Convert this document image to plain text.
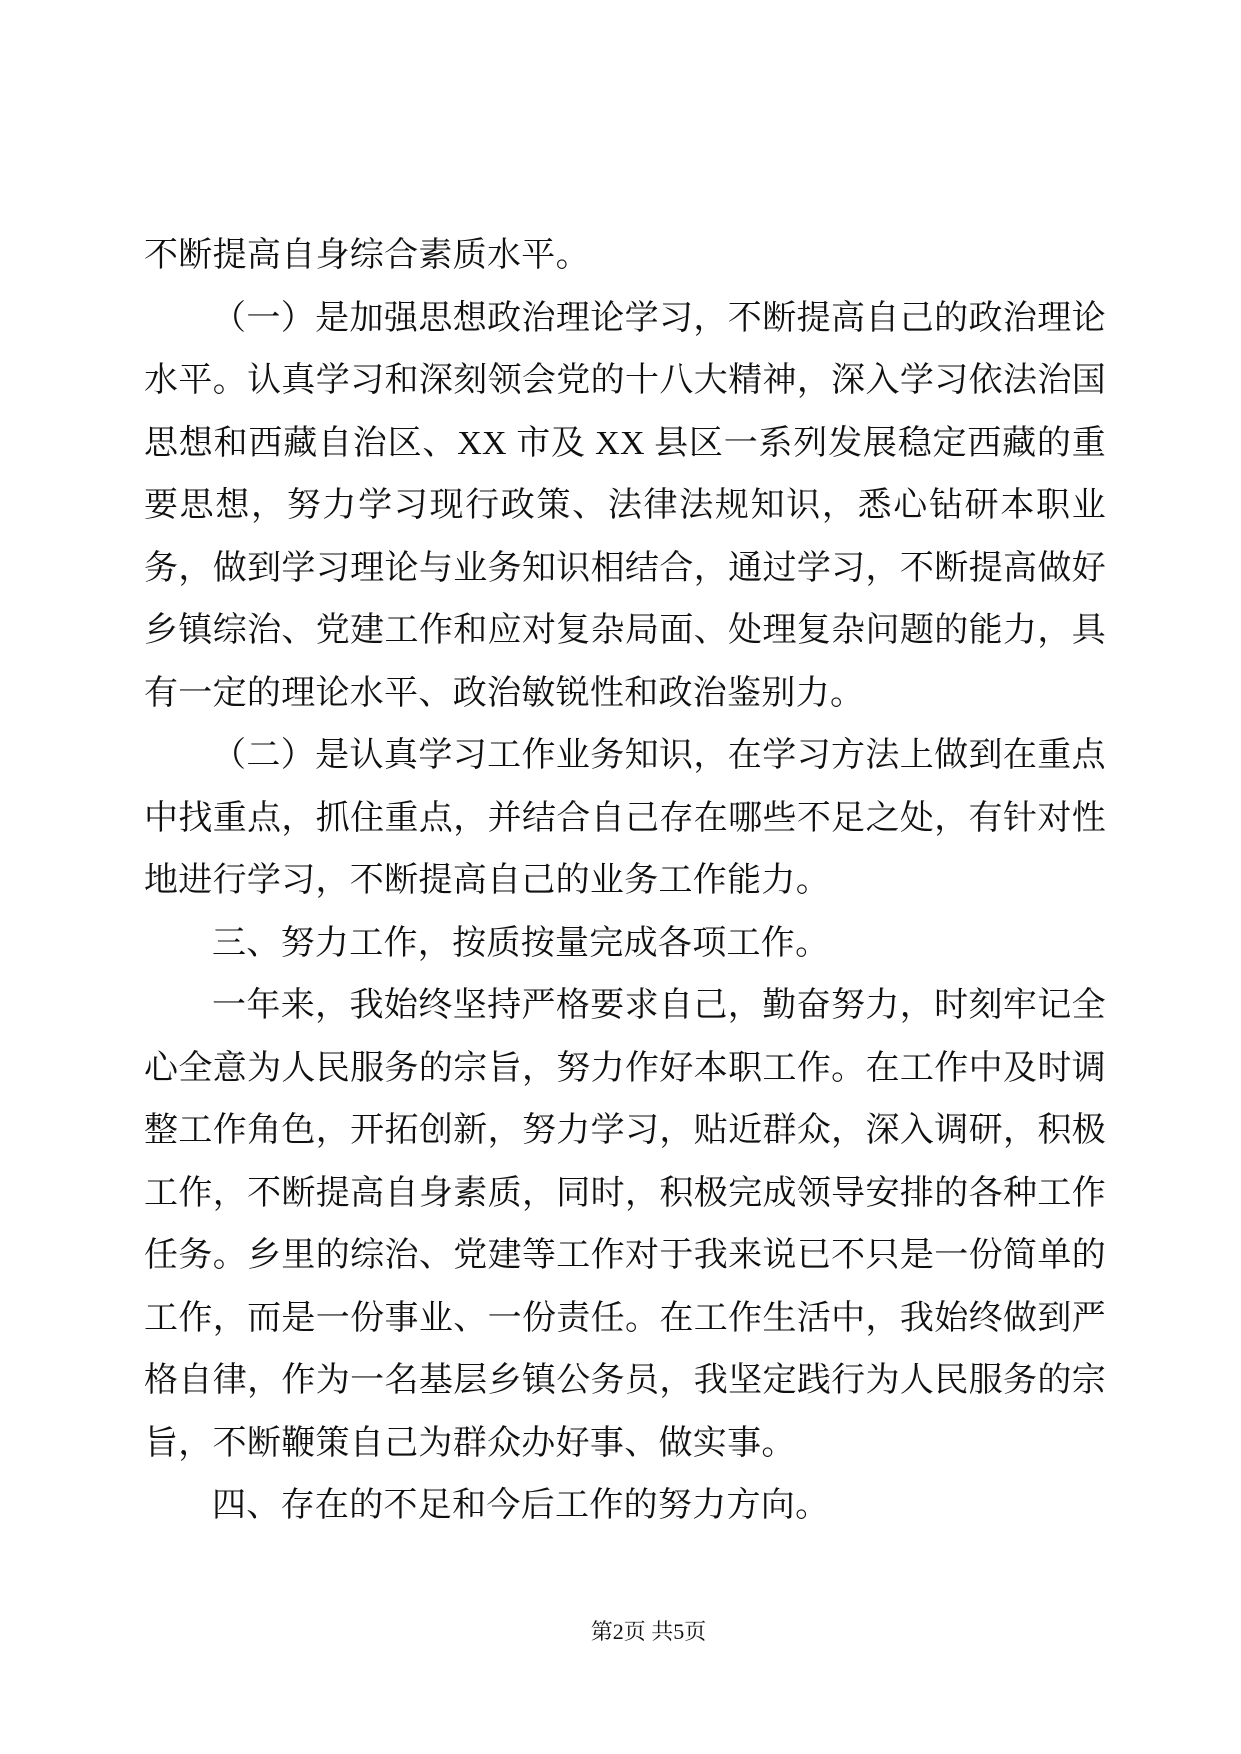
不断提高自身综合素质水平。

（一）是加强思想政治理论学习，不断提高自己的政治理论水平。认真学习和深刻领会党的十八大精神，深入学习依法治国思想和西藏自治区、XX 市及 XX 县区一系列发展稳定西藏的重要思想，努力学习现行政策、法律法规知识，悉心钻研本职业务，做到学习理论与业务知识相结合，通过学习，不断提高做好乡镇综治、党建工作和应对复杂局面、处理复杂问题的能力，具有一定的理论水平、政治敏锐性和政治鉴别力。

（二）是认真学习工作业务知识，在学习方法上做到在重点中找重点，抓住重点，并结合自己存在哪些不足之处，有针对性地进行学习，不断提高自己的业务工作能力。

三、努力工作，按质按量完成各项工作。

一年来，我始终坚持严格要求自己，勤奋努力，时刻牢记全心全意为人民服务的宗旨，努力作好本职工作。在工作中及时调整工作角色，开拓创新，努力学习，贴近群众，深入调研，积极工作，不断提高自身素质，同时，积极完成领导安排的各种工作任务。乡里的综治、党建等工作对于我来说已不只是一份简单的工作，而是一份事业、一份责任。在工作生活中，我始终做到严格自律，作为一名基层乡镇公务员，我坚定践行为人民服务的宗旨，不断鞭策自己为群众办好事、做实事。

四、存在的不足和今后工作的努力方向。

第2页 共5页
